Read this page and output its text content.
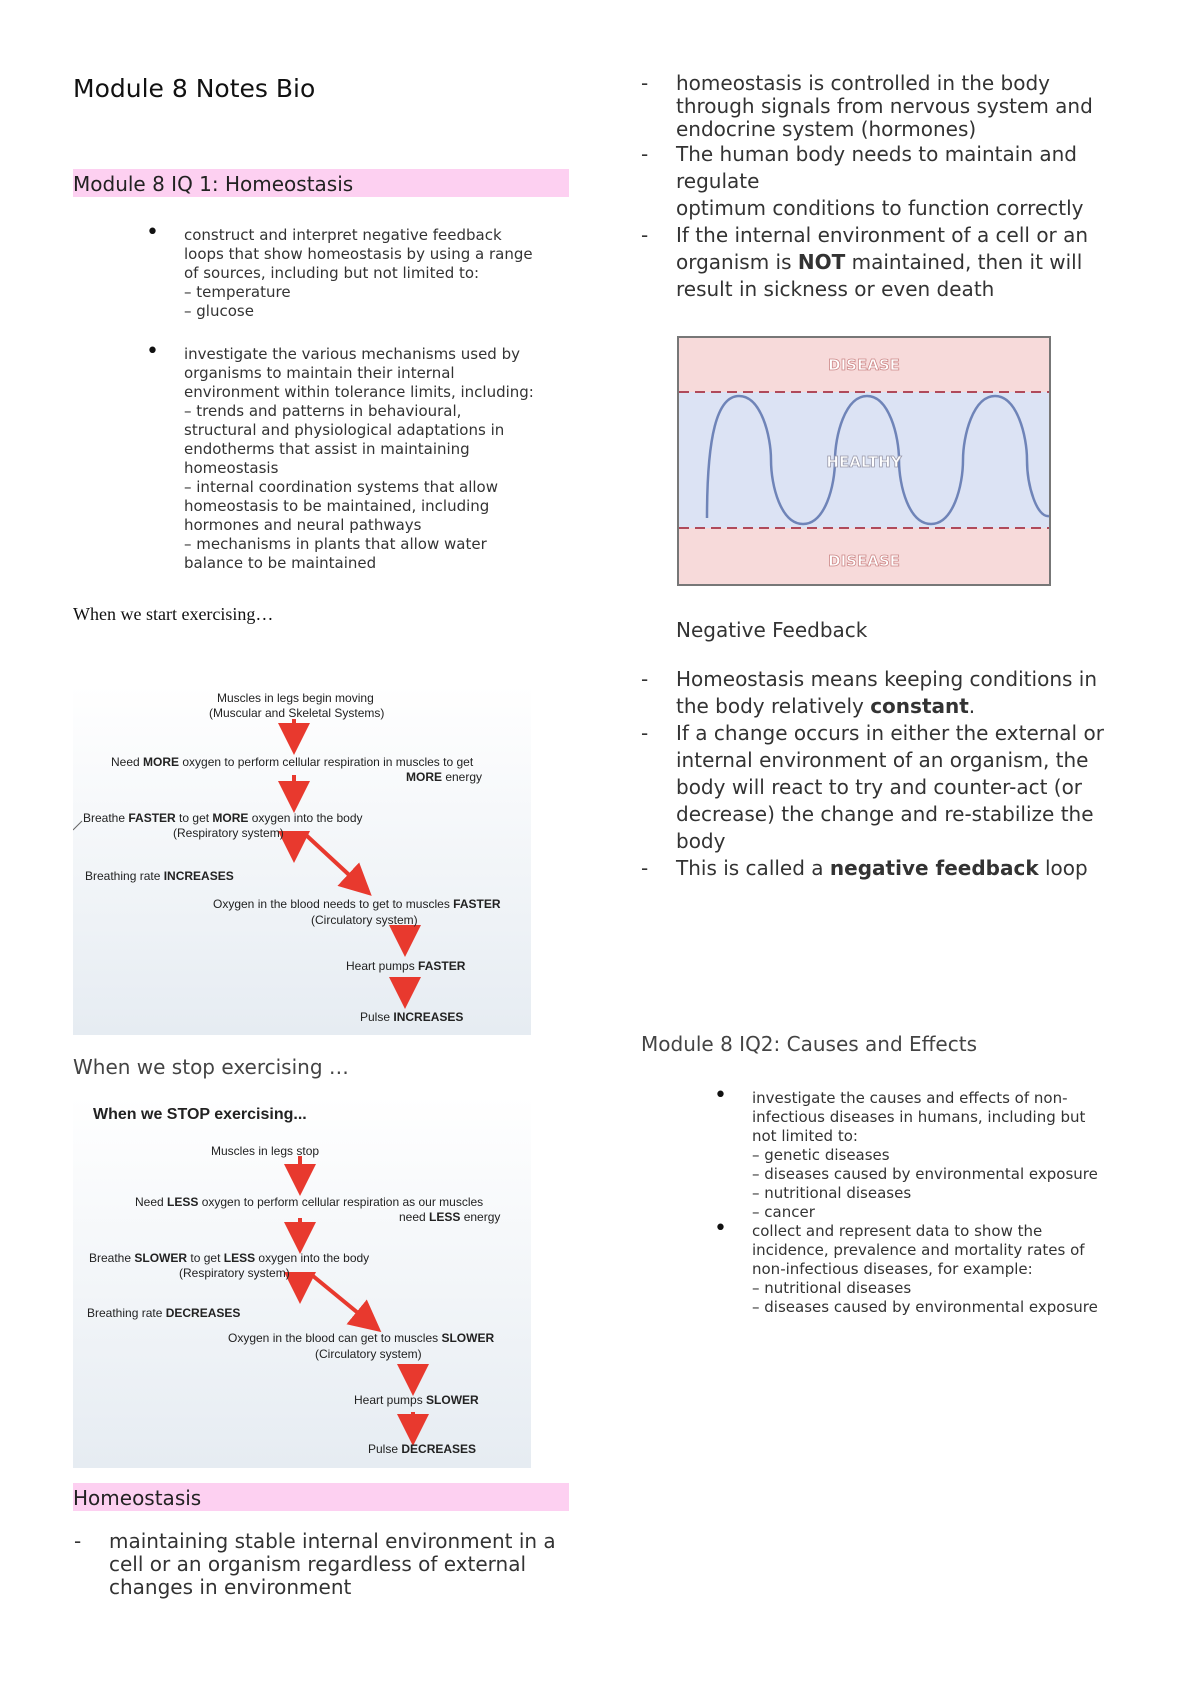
Module 8 Notes Bio
Module 8 IQ 1: Homeostasis
• construct and interpret negative feedback
loops that show homeostasis by using a range
of sources, including but not limited to:
– temperature
– glucose
• investigate the various mechanisms used by
organisms to maintain their internal
environment within tolerance limits, including:
– trends and patterns in behavioural,
structural and physiological adaptations in
endotherms that assist in maintaining
homeostasis
– internal coordination systems that allow
homeostasis to be maintained, including
hormones and neural pathways
– mechanisms in plants that allow water
balance to be maintained
When we start exercising…
Muscles in legs begin moving
(Muscular and Skeletal Systems)
Need MORE oxygen to perform cellular respiration in muscles to get
MORE energy
Breathe FASTER to get MORE oxygen into the body
(Respiratory system)
Breathing rate INCREASES
Oxygen in the blood needs to get to muscles FASTER
(Circulatory system)
Heart pumps FASTER
Pulse INCREASES
When we stop exercising …
When we STOP exercising...
Muscles in legs stop
Need LESS oxygen to perform cellular respiration as our muscles
need LESS energy
Breathe SLOWER to get LESS oxygen into the body
(Respiratory system)
Breathing rate DECREASES
Oxygen in the blood can get to muscles SLOWER
(Circulatory system)
Heart pumps SLOWER
Pulse DECREASES
Homeostasis
- maintaining stable internal environment in a
cell or an organism regardless of external
changes in environment
- homeostasis is controlled in the body
through signals from nervous system and
endocrine system (hormones)
- The human body needs to maintain and
regulate
optimum conditions to function correctly
- If the internal environment of a cell or an
organism is NOT maintained, then it will
result in sickness or even death
DISEASE
HEALTHY
DISEASE
Negative Feedback
- Homeostasis means keeping conditions in
the body relatively constant.
- If a change occurs in either the external or
internal environment of an organism, the
body will react to try and counter-act (or
decrease) the change and re-stabilize the
body
- This is called a negative feedback loop
Module 8 IQ2: Causes and Effects
• investigate the causes and effects of non-
infectious diseases in humans, including but
not limited to:
– genetic diseases
– diseases caused by environmental exposure
– nutritional diseases
– cancer
• collect and represent data to show the
incidence, prevalence and mortality rates of
non-infectious diseases, for example:
– nutritional diseases
– diseases caused by environmental exposure
